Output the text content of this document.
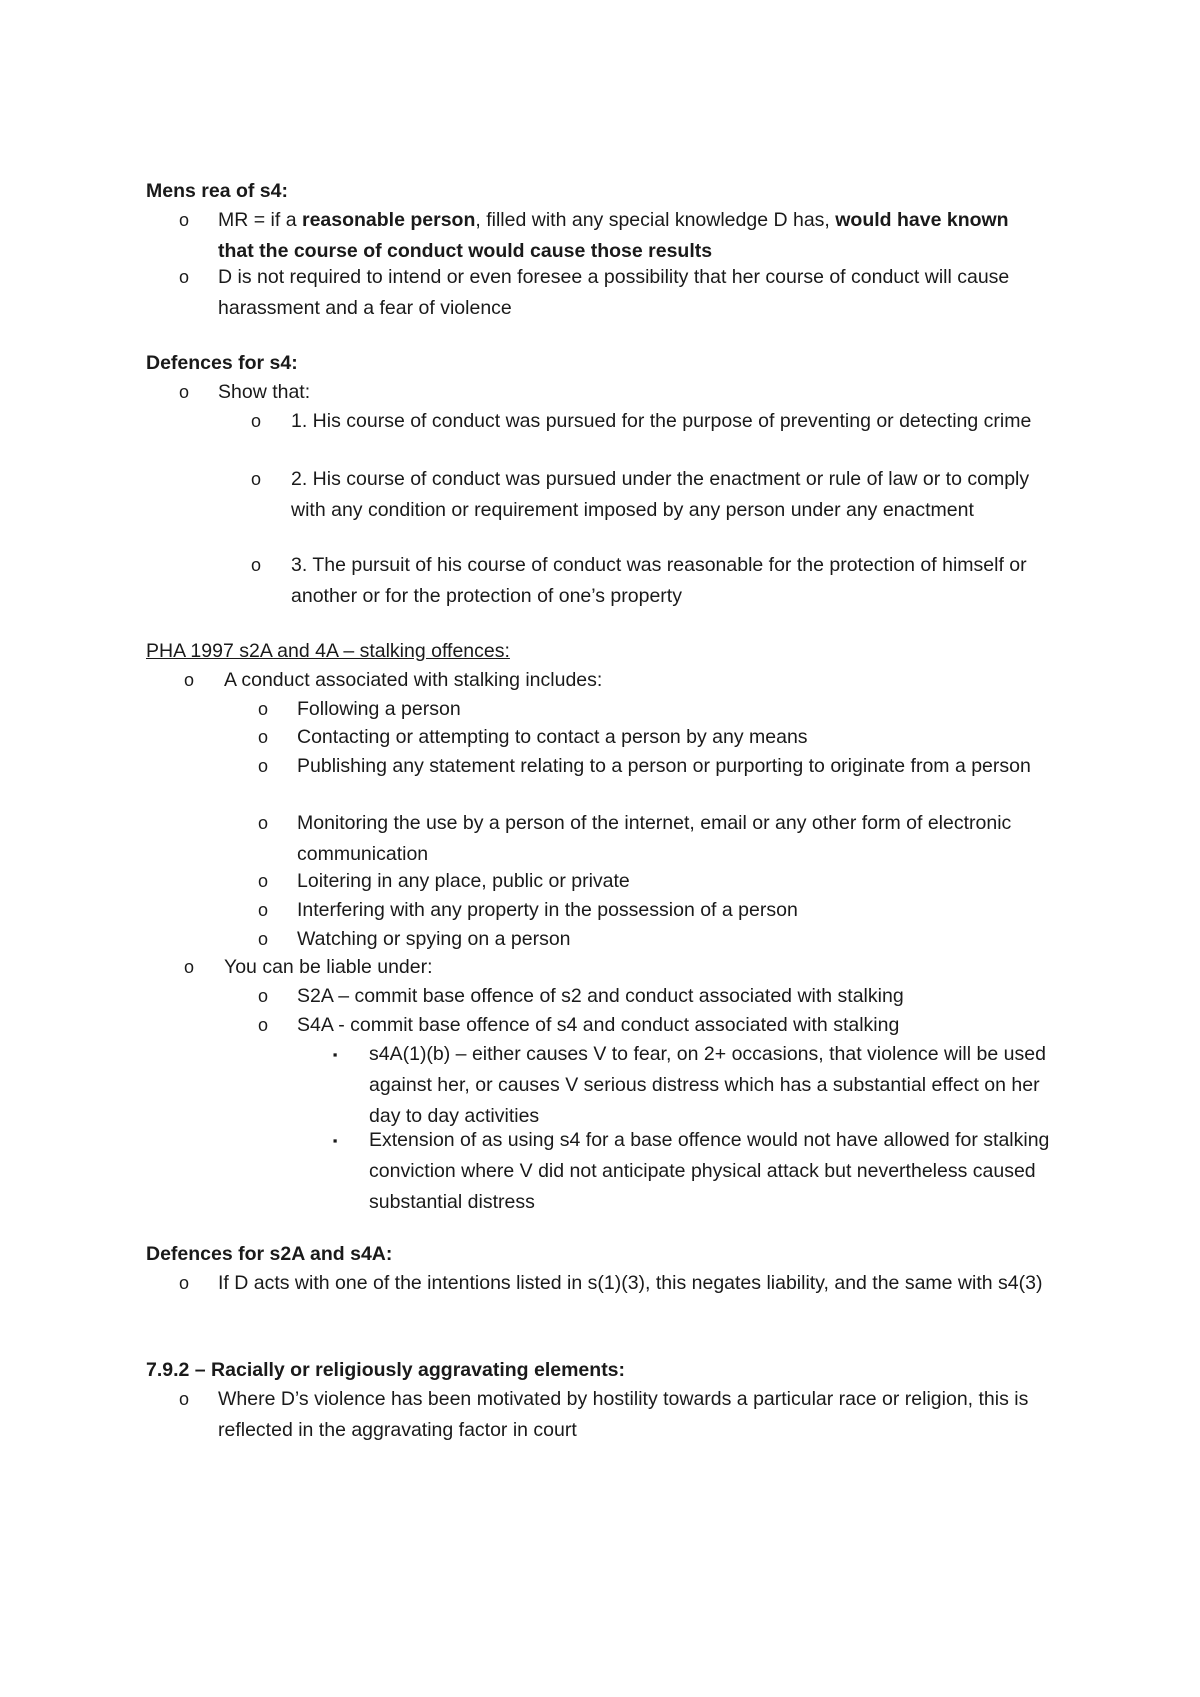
Mens rea of s4:
o MR = if a reasonable person, filled with any special knowledge D has, would have known that the course of conduct would cause those results
o D is not required to intend or even foresee a possibility that her course of conduct will cause harassment and a fear of violence
Defences for s4:
o Show that:
o 1. His course of conduct was pursued for the purpose of preventing or detecting crime
o 2. His course of conduct was pursued under the enactment or rule of law or to comply with any condition or requirement imposed by any person under any enactment
o 3. The pursuit of his course of conduct was reasonable for the protection of himself or another or for the protection of one’s property
PHA 1997 s2A and 4A – stalking offences:
o A conduct associated with stalking includes:
o Following a person
o Contacting or attempting to contact a person by any means
o Publishing any statement relating to a person or purporting to originate from a person
o Monitoring the use by a person of the internet, email or any other form of electronic communication
o Loitering in any place, public or private
o Interfering with any property in the possession of a person
o Watching or spying on a person
o You can be liable under:
o S2A – commit base offence of s2 and conduct associated with stalking
o S4A - commit base offence of s4 and conduct associated with stalking
▪	s4A(1)(b) – either causes V to fear, on 2+ occasions, that violence will be used against her, or causes V serious distress which has a substantial effect on her day to day activities
▪	Extension of as using s4 for a base offence would not have allowed for stalking conviction where V did not anticipate physical attack but nevertheless caused substantial distress
Defences for s2A and s4A:
o If D acts with one of the intentions listed in s(1)(3), this negates liability, and the same with s4(3)
7.9.2 – Racially or religiously aggravating elements:
o Where D’s violence has been motivated by hostility towards a particular race or religion, this is reflected in the aggravating factor in court
